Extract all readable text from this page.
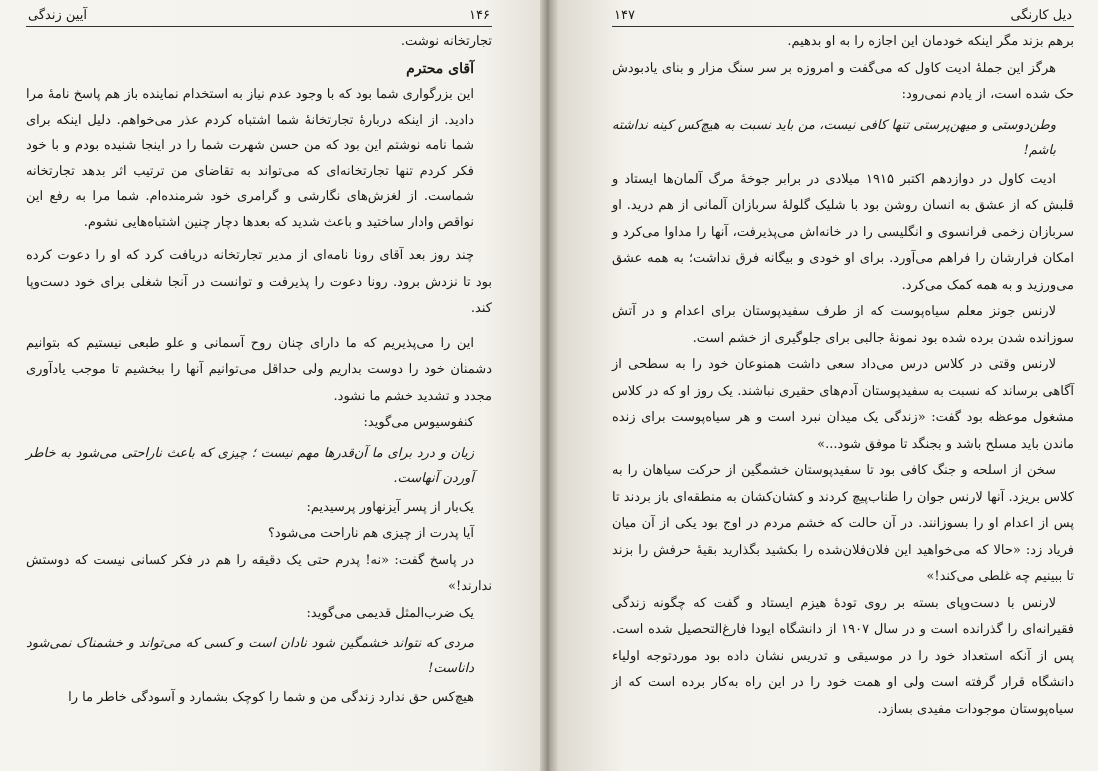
۱۴۶
آیین زندگی

تجارتخانه نوشت.

آقای محترم

این بزرگواری شما بود که با وجود عدم نیاز به استخدام نماینده باز هم پاسخ نامهٔ مرا دادید. از اینکه دربارهٔ تجارتخانهٔ شما اشتباه کردم عذر می‌خواهم. دلیل اینکه برای شما نامه نوشتم این بود که من حسن شهرت شما را در اینجا شنیده بودم و با خود فکر کردم تنها تجارتخانه‌ای که می‌تواند به تقاضای من ترتیب اثر بدهد تجارتخانه شماست. از لغزش‌های نگارشی و گرامری خود شرمنده‌ام. شما مرا به رفع این نواقص وادار ساختید و باعث شدید که بعدها دچار چنین اشتباه‌هایی نشوم.

چند روز بعد آقای رونا نامه‌ای از مدیر تجارتخانه دریافت کرد که او را دعوت کرده بود تا نزدش برود. رونا دعوت را پذیرفت و توانست در آنجا شغلی برای خود دست‌وپا کند.

این را می‌پذیریم که ما دارای چنان روح آسمانی و علو طبعی نیستیم که بتوانیم دشمنان خود را دوست بداریم ولی حداقل می‌توانیم آنها را ببخشیم تا موجب یادآوری مجدد و تشدید خشم ما نشود.

کنفوسیوس می‌گوید:

زیان و درد برای ما آن‌قدرها مهم نیست ؛ چیزی که باعث ناراحتی می‌شود به خاطر آوردن آنهاست.

یک‌بار از پسر آیزنهاور پرسیدیم:

آیا پدرت از چیزی هم ناراحت می‌شود؟

در پاسخ گفت: «نه! پدرم حتی یک دقیقه را هم در فکر کسانی نیست که دوستش ندارند!»

یک ضرب‌المثل قدیمی می‌گوید:

مردی که نتواند خشمگین شود نادان است و کسی که می‌تواند و خشمناک نمی‌شود داناست!

هیچ‌کس حق ندارد زندگی من و شما را کوچک بشمارد و آسودگی خاطر ما را

دیل کارنگی
۱۴۷

برهم بزند مگر اینکه خودمان این اجازه را به او بدهیم.

هرگز این جملهٔ ادیت کاول که می‌گفت و امروزه بر سر سنگ مزار و بنای یادبودش حک شده است، از یادم نمی‌رود:

وطن‌دوستی و میهن‌پرستی تنها کافی نیست، من باید نسبت به هیچ‌کس کینه نداشته باشم!

ادیت کاول در دوازدهم اکتبر ۱۹۱۵ میلادی در برابر جوخهٔ مرگ آلمان‌ها ایستاد و قلبش که از عشق به انسان روشن بود با شلیک گلولهٔ سربازان آلمانی از هم درید. او سربازان زخمی فرانسوی و انگلیسی را در خانه‌اش می‌پذیرفت، آنها را مداوا می‌کرد و امکان فرارشان را فراهم می‌آورد. برای او خودی و بیگانه فرق نداشت؛ به همه عشق می‌ورزید و به همه کمک می‌کرد.

لارنس جونز معلم سیاه‌پوست که از طرف سفیدپوستان برای اعدام و در آتش سوزانده شدن برده شده بود نمونهٔ جالبی برای جلوگیری از خشم است.

لارنس وقتی در کلاس درس می‌داد سعی داشت همنوعان خود را به سطحی از آگاهی برساند که نسبت به سفیدپوستان آدم‌های حقیری نباشند. یک روز او که در کلاس مشغول موعظه بود گفت: «زندگی یک میدان نبرد است و هر سیاه‌پوست برای زنده ماندن باید مسلح باشد و بجنگد تا موفق شود...»

سخن از اسلحه و جنگ کافی بود تا سفیدپوستان خشمگین از حرکت سیاهان را به کلاس بریزد. آنها لارنس جوان را طناب‌پیچ کردند و کشان‌کشان به منطقه‌ای باز بردند تا پس از اعدام او را بسوزانند. در آن حالت که خشم مردم در اوج بود یکی از آن میان فریاد زد: «حالا که می‌خواهید این فلان‌فلان‌شده را بکشید بگذارید بقیهٔ حرفش را بزند تا ببینیم چه غلطی می‌کند!»

لارنس با دست‌وپای بسته بر روی تودهٔ هیزم ایستاد و گفت که چگونه زندگی فقیرانه‌ای را گذرانده است و در سال ۱۹۰۷ از دانشگاه ایودا فارغ‌التحصیل شده است. پس از آنکه استعداد خود را در موسیقی و تدریس نشان داده بود موردتوجه اولیاء دانشگاه قرار گرفته است ولی او همت خود را در این راه به‌کار برده است که از سیاه‌پوستان موجودات مفیدی بسازد.
